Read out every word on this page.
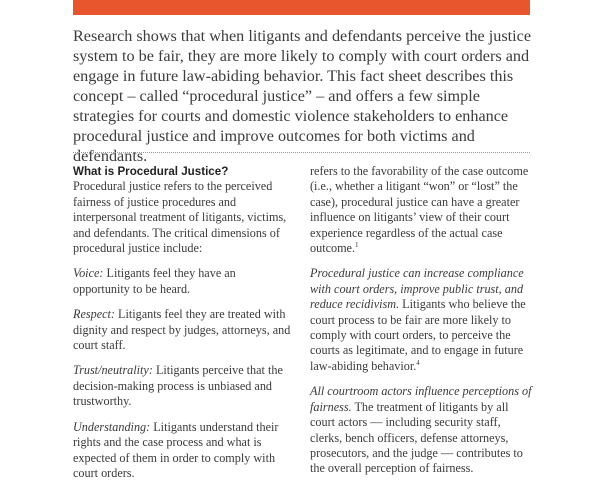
Research shows that when litigants and defendants perceive the justice system to be fair, they are more likely to comply with court orders and engage in future law-abiding behavior. This fact sheet describes this concept – called “procedural justice” – and offers a few simple strategies for courts and domestic violence stakeholders to enhance procedural justice and improve outcomes for both victims and defendants.
What is Procedural Justice?

Procedural justice refers to the perceived fairness of justice procedures and interpersonal treatment of litigants, victims, and defendants. The critical dimensions of procedural justice include:

Voice: Litigants feel they have an opportunity to be heard.

Respect: Litigants feel they are treated with dignity and respect by judges, attorneys, and court staff.

Trust/neutrality: Litigants perceive that the decision-making process is unbiased and trustworthy.

Understanding: Litigants understand their rights and the case process and what is expected of them in order to comply with court orders.

refers to the favorability of the case outcome (i.e., whether a litigant “won” or “lost” the case), procedural justice can have a greater influence on litigants’ view of their court experience regardless of the actual case outcome.$^1$

Procedural justice can increase compliance with court orders, improve public trust, and reduce recidivism. Litigants who believe the court process to be fair are more likely to comply with court orders, to perceive the courts as legitimate, and to engage in future law-abiding behavior.$^4$

All courtroom actors influence perceptions of fairness. The treatment of litigants by all court actors — including security staff, clerks, bench officers, defense attorneys, prosecutors, and the judge — contributes to the overall perception of fairness.
